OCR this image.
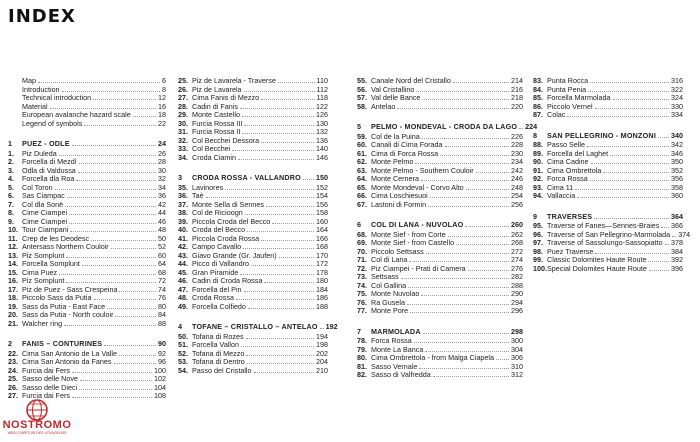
INDEX
Map	6
Introduction	8
Technical introduction	12
Material	16
European avalanche hazard scale	18
Legend of symbols	22
1	PUEZ - ODLE	24
1.	Piz Duleda	26
2.	Forcella di Mezdì	28
3.	Odla di Valdussa	30
4.	Forcella dla Roa	32
5.	Col Toron	34
6.	Sas Ciampac	36
7.	Col dla Sonë	42
8.	Cime Ciampei	44
9.	Cime Ciampei	46
10. Tour Ciampani	48
11. Crep de les Deodesc	50
12. Antersass Northern Couloir	52
13. Piz Somplunt	60
14. Forcella Somplunt	64
15. Cima Puez	68
16. Piz Somplunt	72
17. Piz de Puez - Sass Crespeina	74
18. Piccolo Sass da Putia	76
19. Sass da Putia - East Face	80
20. Sass da Putia - North couloir	84
21. Walcher ring	88
2	FANIS – CONTURINES	90
22. Cima San Antonio de La Valle	92
23. Cima San Antonio da Fanes	96
24. Furcia dai Fers	100
25. Sasso delle Nove	102
26. Sasso delle Dieci	104
27. Furcia dai Fers	108
25. Piz de Lavarela - Traverse	110
26. Piz de Lavarela	112
27. Cima Fanis di Mezzo	118
28. Cadin di Fanis	122
29. Monte Castello	126
30. Furcia Rossa III	130
31. Furcia Rossa II	132
32. Col Becchei Dessora	136
33. Col Becchei	140
34. Croda Ciamin	146
3	CRODA ROSSA - VALLANDRO 150
35. Lavinores	152
36. Taè	154
37. Monte Sella di Sennes	156
38. Col de Ricioogn	158
39. Piccola Croda del Becco	160
40. Croda del Becco	164
41. Piccola Croda Rossa	166
42. Campo Cavallo	168
43. Giavo Grande (Gr. Jaufen)	170
44. Picco di Vallandro	172
45. Gran Piramide	178
46. Cadin di Croda Rossa	180
47. Forcella del Pin	184
48. Croda Rossa	186
49. Forcella Colfiedo	188
4	TOFANE – CRISTALLO – ANTELAO 192
50. Tofana di Rozes	194
51. Forcella Vallon	198
52. Tofana di Mezzo	202
53. Tofana di Dentro	204
54. Passo del Cristallo	210
55. Canale Nord del Cristallo	214
56. Val Cristallino	216
57. Val delle Bance	218
58. Antelao	220
5	PELMO - MONDEVAL - CRODA DA LAGO 224
59. Col de la Puina	226
60. Canali di Cima Forada	228
61. Cima di Forca Rossa	230
62. Monte Pelmo	234
63. Monte Pelmo - Southern Couloir	242
64. Monte Cernera	246
65. Monte Mondeval - Corvo Alto	248
66. Cima Loschiesuoi	254
67. Lastoni di Formin	256
6	COL DI LANA - NUVOLAO	260
68. Monte Sief - from Corte	262
69. Monte Sief - from Castello	268
70. Piccolo Settsass	272
71. Col di Lana	274
72. Piz Ciampei - Prati di Camera	276
73. Settsass	282
74. Col Gallina	288
75. Monte Nuvolao	290
76. Ra Gusela	294
77. Monte Pore	296
7	MARMOLADA	298
78. Forca Rossa	300
79. Monte La Banca	304
80. Cima Ombrettola - from Malga Ciapela 306
81. Sasso Vernale	310
82. Sasso di Valfredda	312
83. Punta Rocca	316
84. Punta Penia	322
85. Forcella Marmolada	324
86. Piccolo Vernel	330
87. Colac	334
8	SAN PELLEGRINO - MONZONI 340
88. Passo Selle	342
89. Forcella del Laghet	346
90. Cima Cadine	350
91. Cima Ombrettola	352
92. Forca Rossa	356
93. Cima 11	358
94. Vallaccia	360
9	TRAVERSES	364
95. Traverse of Fanes—Sennes-Braies 366
96. Traverse of San Pellegrino-Marmolada 374
97. Traverse of Sassolungo-Sassopiatto 378
98. Puez Traverse	384
99. Classic Dolomites Haute Route	392
100. Special Dolomites Haute Route	396
NOSTROMO
WEB COMPTOIR DES VOYAGEURS
